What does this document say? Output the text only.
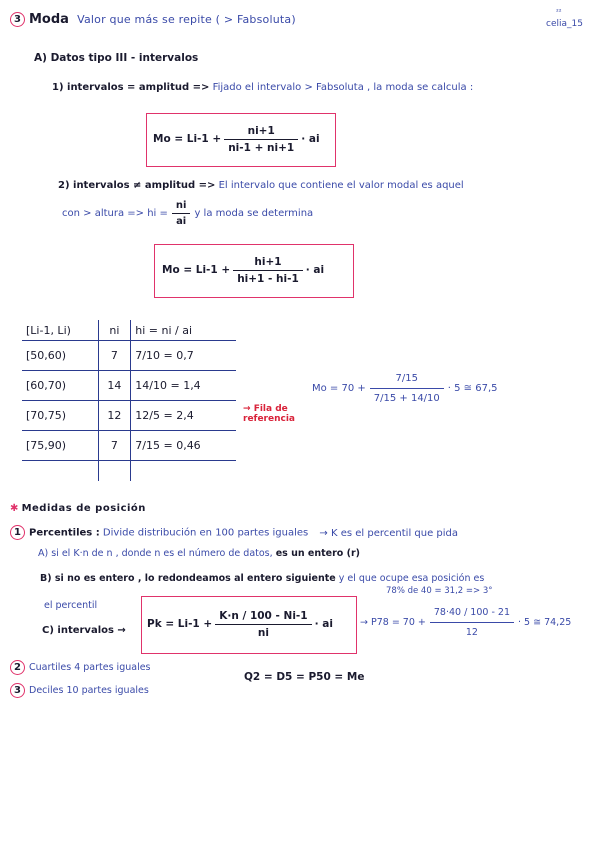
²²
celia_15
3 Moda Valor que más se repite ( > Fabsoluta)
A) Datos tipo III - intervalos
1) intervalos = amplitud => Fijado el intervalo > Fabsoluta , la moda se calcula :
$Mo = Li-1 + \frac{ni+1}{ni-1 + ni+1}$ · ai
2) intervalos ≠ amplitud => El intervalo que contiene el valor modal es aquel
con > altura => hi = $\frac{ni}{ai}$ y la moda se determina
$Mo = Li-1 + \frac{hi+1}{hi+1 - hi-1}$ · ai
[Li-1, Li)	ni	hi = ni / ai
[50,60)	7	7/10 = 0,7
[60,70)	14	14/10 = 1,4
[70,75)	12	12/5 = 2,4
[75,90)	7	7/15 = 0,46

→ Fila de referencia
$Mo = 70 + \frac{7/15}{7/15 + 14/10} \cdot 5$ ≅ 67,5
✱ Medidas de posición
1 Percentiles : Divide distribución en 100 partes iguales → K es el percentil que pida
A) si el K·n de n , donde n es el número de datos, es un entero (r)
B) si no es entero , lo redondeamos al entero siguiente y el que ocupe esa posición es
el percentil
C) intervalos →
$Pk = Li-1 + \frac{K\cdot n / 100 - Ni-1}{ni}$ · ai
78% de 40 = 31,2 => 3°
→ $P78 = 70 + \frac{78\cdot 40 / 100 - 21}{12} \cdot 5$ ≅ 74,25
2 Cuartiles 4 partes iguales
3 Deciles 10 partes iguales
Q2 = D5 = P50 = Me
